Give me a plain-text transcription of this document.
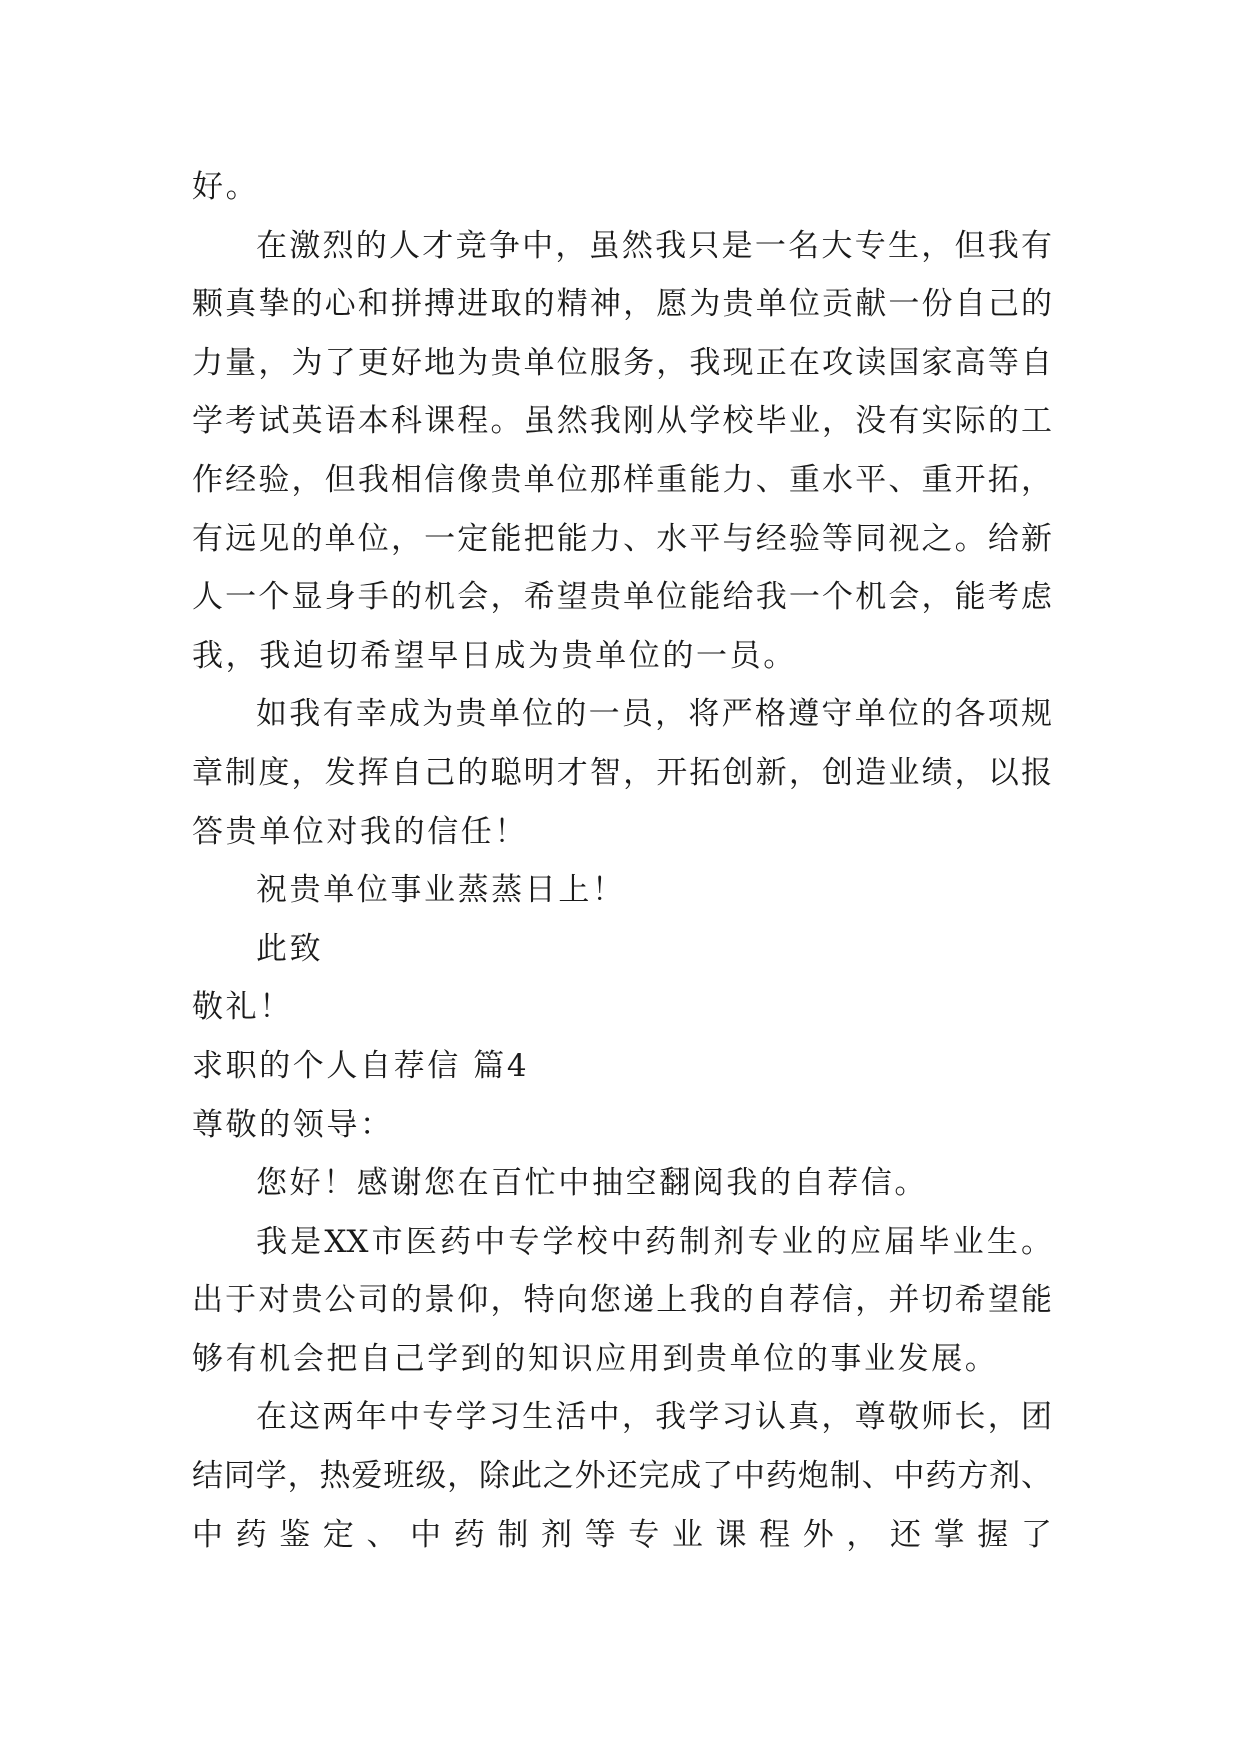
好。
在激烈的人才竞争中，虽然我只是一名大专生，但我有
颗真挚的心和拼搏进取的精神，愿为贵单位贡献一份自己的
力量，为了更好地为贵单位服务，我现正在攻读国家高等自
学考试英语本科课程。虽然我刚从学校毕业，没有实际的工
作经验，但我相信像贵单位那样重能力、重水平、重开拓，
有远见的单位，一定能把能力、水平与经验等同视之。给新
人一个显身手的机会，希望贵单位能给我一个机会，能考虑
我，我迫切希望早日成为贵单位的一员。
如我有幸成为贵单位的一员，将严格遵守单位的各项规
章制度，发挥自己的聪明才智，开拓创新，创造业绩，以报
答贵单位对我的信任！
祝贵单位事业蒸蒸日上！
此致
敬礼！
求职的个人自荐信 篇4
尊敬的领导：
您好！感谢您在百忙中抽空翻阅我的自荐信。
我是XX市医药中专学校中药制剂专业的应届毕业生。
出于对贵公司的景仰，特向您递上我的自荐信，并切希望能
够有机会把自己学到的知识应用到贵单位的事业发展。
在这两年中专学习生活中，我学习认真，尊敬师长，团
结同学，热爱班级，除此之外还完成了中药炮制、中药方剂、
中 药 鉴 定 、 中 药 制 剂 等 专 业 课 程 外 ， 还 掌 握 了
